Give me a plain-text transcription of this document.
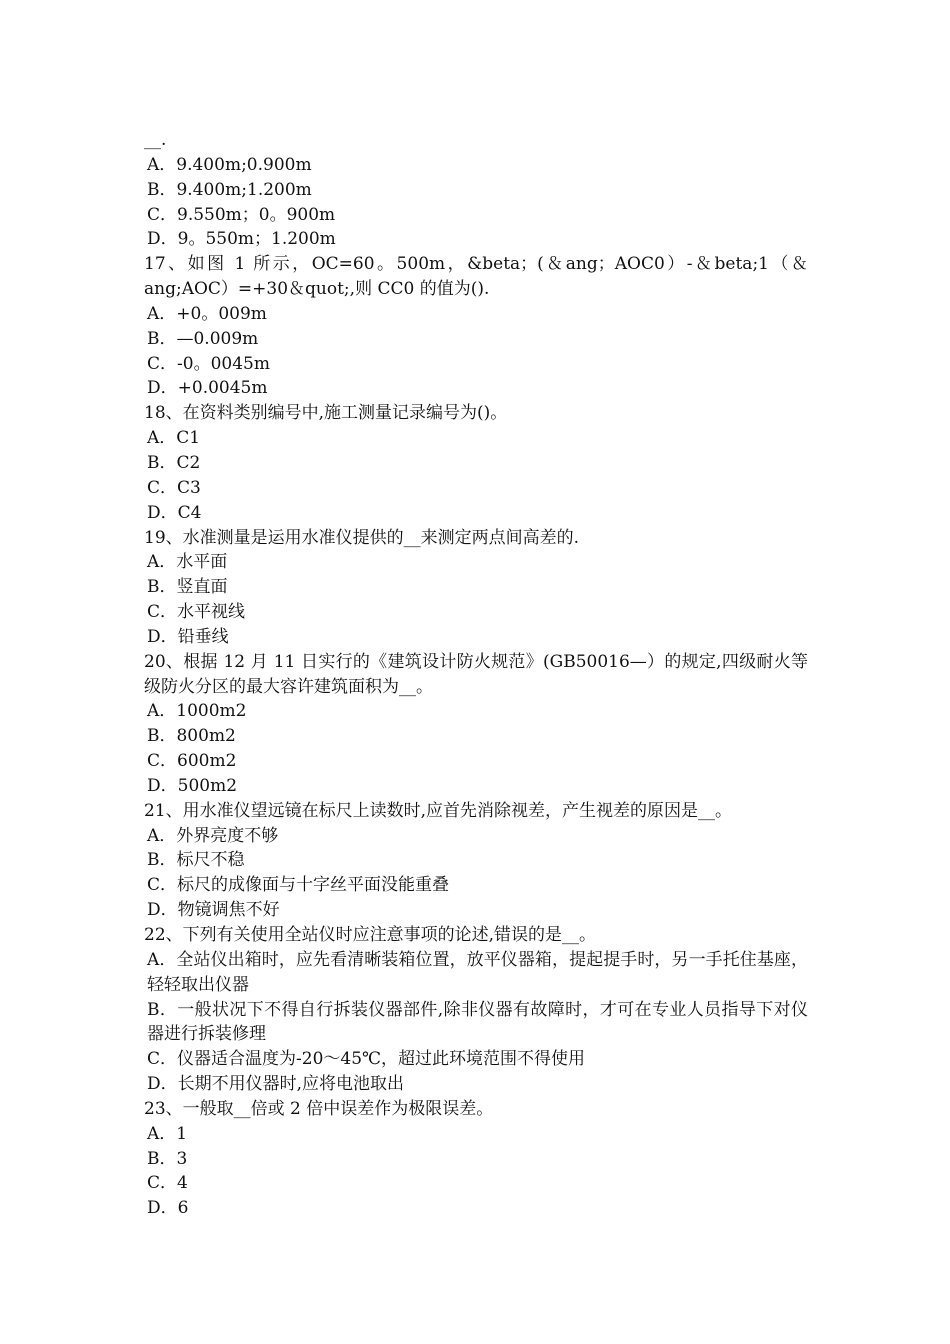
__.

A．9.400m;0.900m

B．9.400m;1.200m

C．9.550m；0。900m

D．9。550m；1.200m

17、如图 1 所示，OC=60。500m，&beta；(＆ang；AOC0）-＆beta;1（＆ang;AOC）=+30＆quot;,则 CC0 的值为().

A．+0。009m

B．—0.009m

C．-0。0045m

D．+0.0045m

18、在资料类别编号中,施工测量记录编号为()。

A．C1

B．C2

C．C3

D．C4

19、水准测量是运用水准仪提供的__来测定两点间高差的.

A．水平面

B．竖直面

C．水平视线

D．铅垂线

20、根据 12 月 11 日实行的《建筑设计防火规范》(GB50016—）的规定,四级耐火等级防火分区的最大容许建筑面积为__。

A．1000m2

B．800m2

C．600m2

D．500m2

21、用水准仪望远镜在标尺上读数时,应首先消除视差，产生视差的原因是__。

A．外界亮度不够

B．标尺不稳

C．标尺的成像面与十字丝平面没能重叠

D．物镜调焦不好

22、下列有关使用全站仪时应注意事项的论述,错误的是__。

A．全站仪出箱时，应先看清晰装箱位置，放平仪器箱，提起提手时，另一手托住基座，轻轻取出仪器

B．一般状况下不得自行拆装仪器部件,除非仪器有故障时，才可在专业人员指导下对仪器进行拆装修理

C．仪器适合温度为-20～45℃，超过此环境范围不得使用

D．长期不用仪器时,应将电池取出

23、一般取__倍或 2 倍中误差作为极限误差。

A．1

B．3

C．4

D．6
